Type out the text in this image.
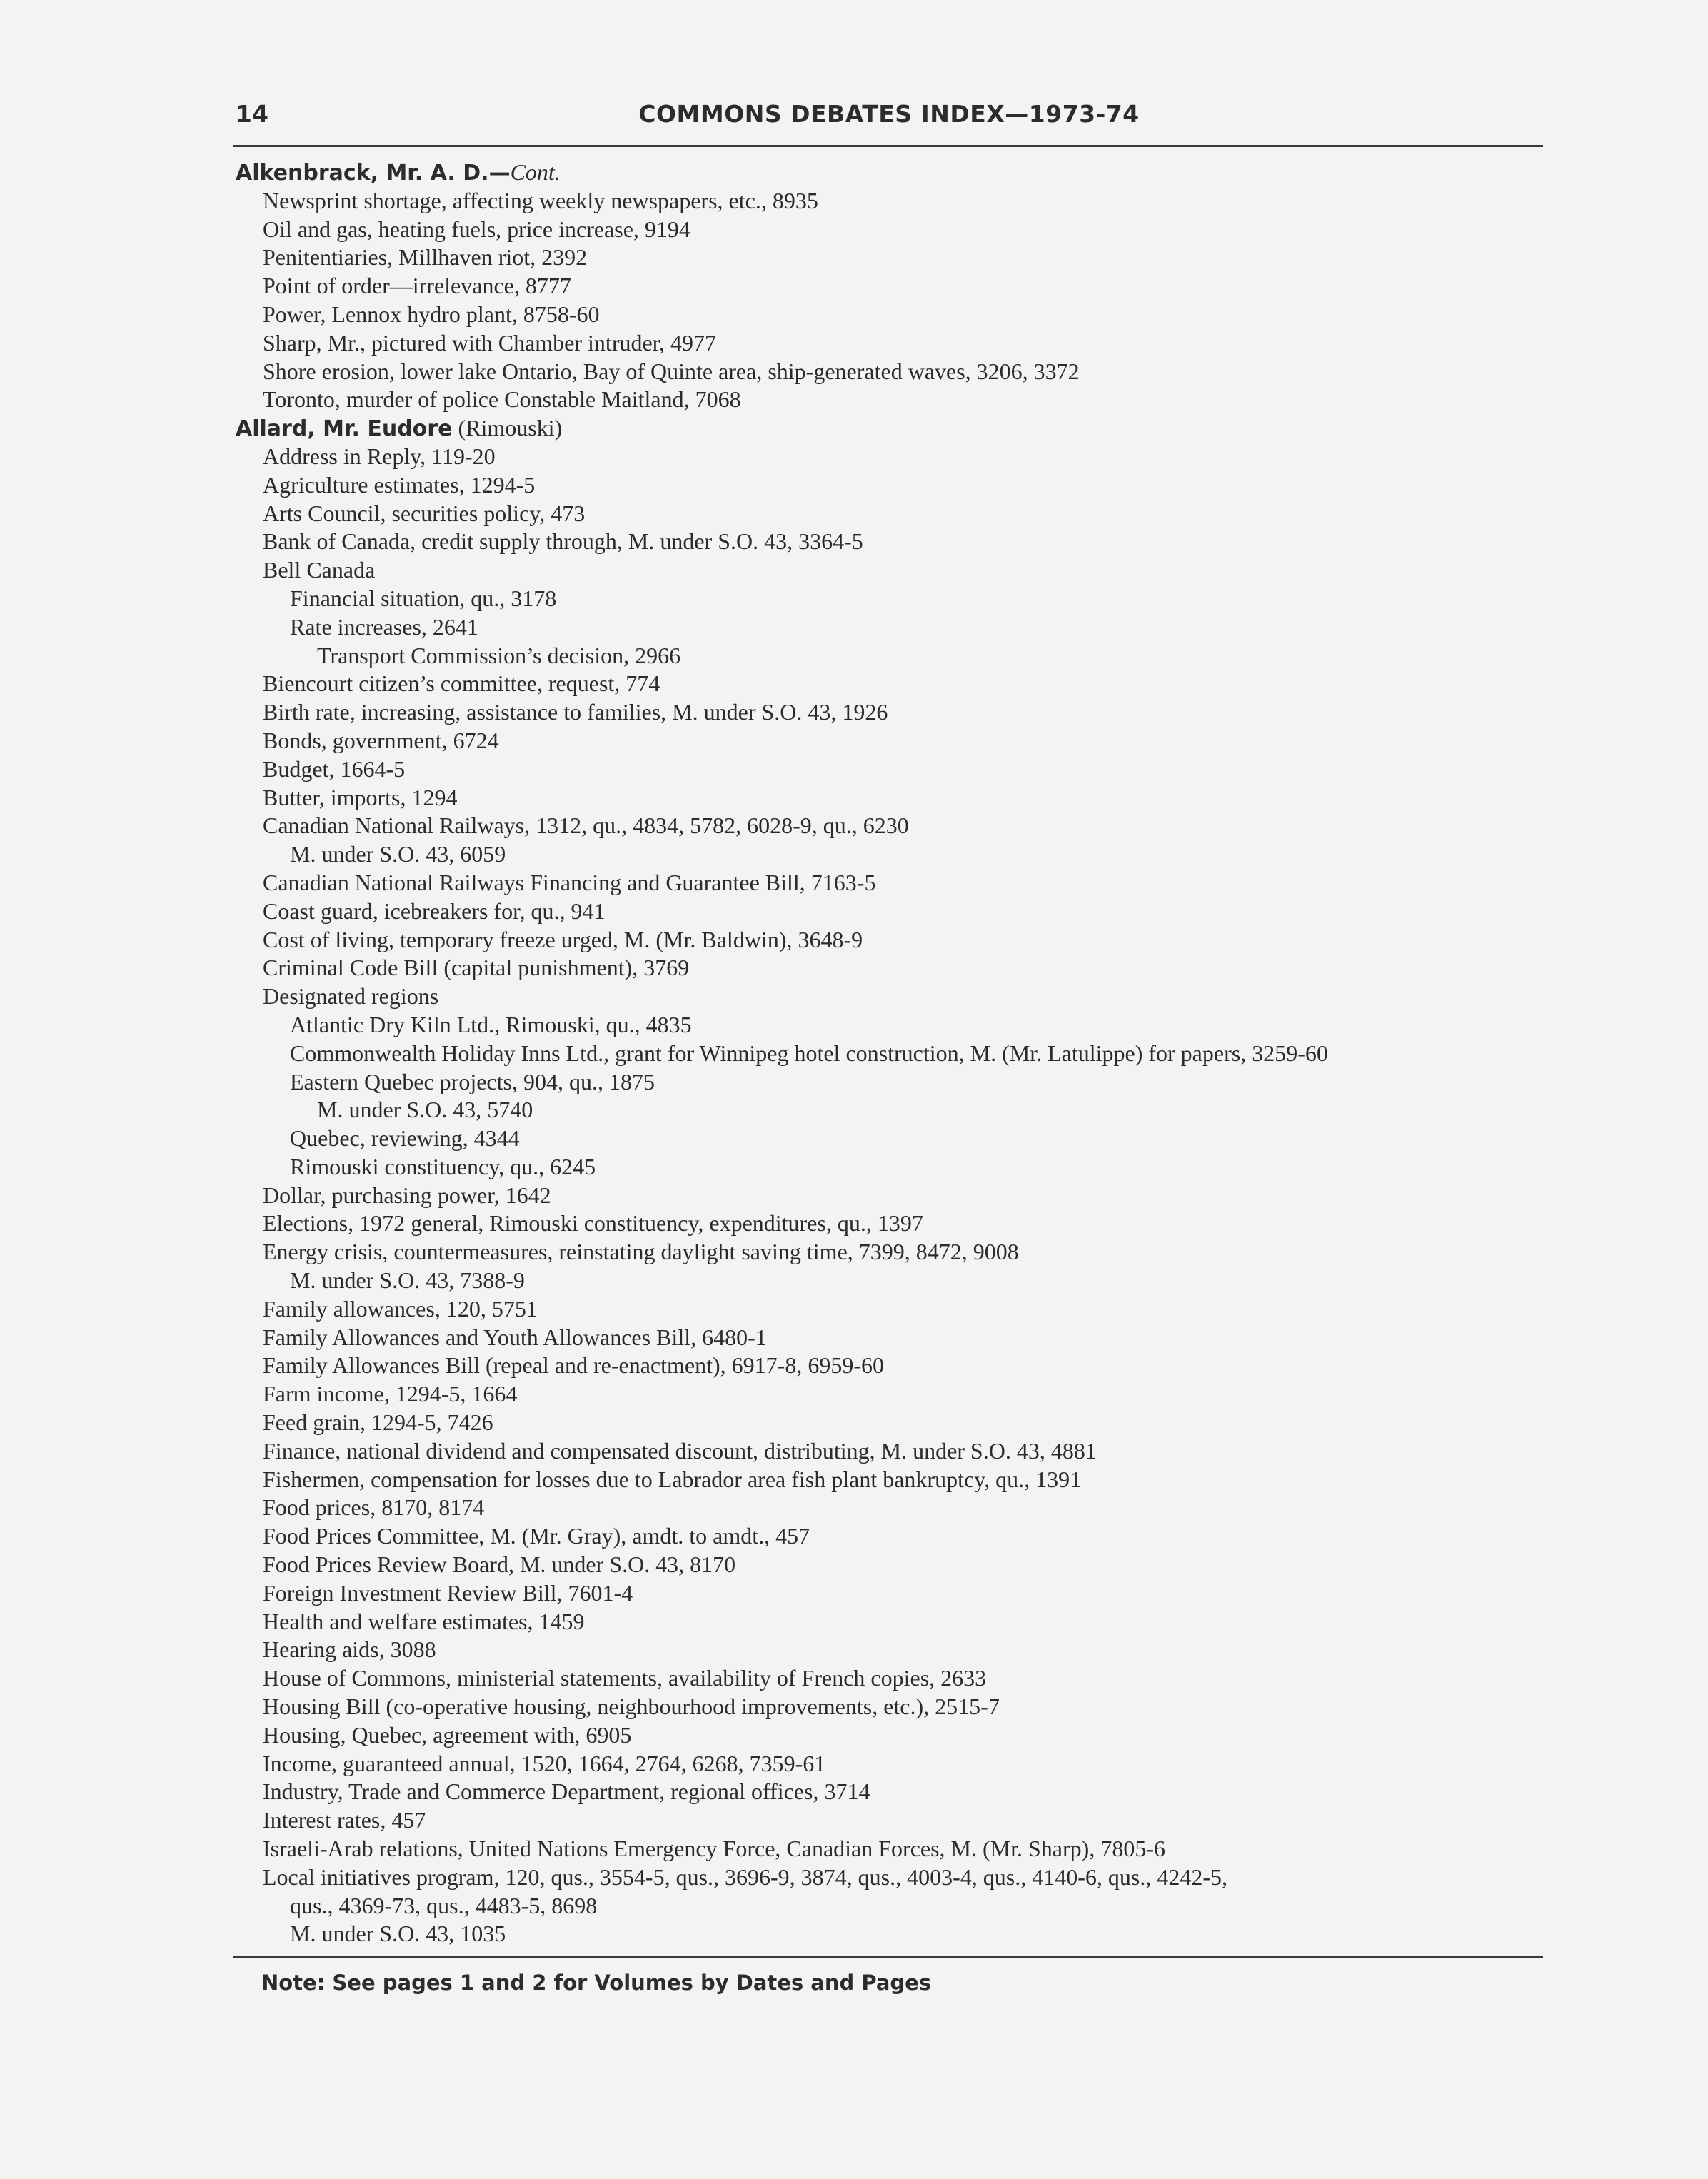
14	COMMONS DEBATES INDEX—1973-74
Alkenbrack, Mr. A. D.—Cont.
Newsprint shortage, affecting weekly newspapers, etc., 8935
Oil and gas, heating fuels, price increase, 9194
Penitentiaries, Millhaven riot, 2392
Point of order—irrelevance, 8777
Power, Lennox hydro plant, 8758-60
Sharp, Mr., pictured with Chamber intruder, 4977
Shore erosion, lower lake Ontario, Bay of Quinte area, ship-generated waves, 3206, 3372
Toronto, murder of police Constable Maitland, 7068
Allard, Mr. Eudore (Rimouski)
Address in Reply, 119-20
Agriculture estimates, 1294-5
Arts Council, securities policy, 473
Bank of Canada, credit supply through, M. under S.O. 43, 3364-5
Bell Canada
Financial situation, qu., 3178
Rate increases, 2641
Transport Commission’s decision, 2966
Biencourt citizen’s committee, request, 774
Birth rate, increasing, assistance to families, M. under S.O. 43, 1926
Bonds, government, 6724
Budget, 1664-5
Butter, imports, 1294
Canadian National Railways, 1312, qu., 4834, 5782, 6028-9, qu., 6230
M. under S.O. 43, 6059
Canadian National Railways Financing and Guarantee Bill, 7163-5
Coast guard, icebreakers for, qu., 941
Cost of living, temporary freeze urged, M. (Mr. Baldwin), 3648-9
Criminal Code Bill (capital punishment), 3769
Designated regions
Atlantic Dry Kiln Ltd., Rimouski, qu., 4835
Commonwealth Holiday Inns Ltd., grant for Winnipeg hotel construction, M. (Mr. Latulippe) for papers, 3259-60
Eastern Quebec projects, 904, qu., 1875
M. under S.O. 43, 5740
Quebec, reviewing, 4344
Rimouski constituency, qu., 6245
Dollar, purchasing power, 1642
Elections, 1972 general, Rimouski constituency, expenditures, qu., 1397
Energy crisis, countermeasures, reinstating daylight saving time, 7399, 8472, 9008
M. under S.O. 43, 7388-9
Family allowances, 120, 5751
Family Allowances and Youth Allowances Bill, 6480-1
Family Allowances Bill (repeal and re-enactment), 6917-8, 6959-60
Farm income, 1294-5, 1664
Feed grain, 1294-5, 7426
Finance, national dividend and compensated discount, distributing, M. under S.O. 43, 4881
Fishermen, compensation for losses due to Labrador area fish plant bankruptcy, qu., 1391
Food prices, 8170, 8174
Food Prices Committee, M. (Mr. Gray), amdt. to amdt., 457
Food Prices Review Board, M. under S.O. 43, 8170
Foreign Investment Review Bill, 7601-4
Health and welfare estimates, 1459
Hearing aids, 3088
House of Commons, ministerial statements, availability of French copies, 2633
Housing Bill (co-operative housing, neighbourhood improvements, etc.), 2515-7
Housing, Quebec, agreement with, 6905
Income, guaranteed annual, 1520, 1664, 2764, 6268, 7359-61
Industry, Trade and Commerce Department, regional offices, 3714
Interest rates, 457
Israeli-Arab relations, United Nations Emergency Force, Canadian Forces, M. (Mr. Sharp), 7805-6
Local initiatives program, 120, qus., 3554-5, qus., 3696-9, 3874, qus., 4003-4, qus., 4140-6, qus., 4242-5,
qus., 4369-73, qus., 4483-5, 8698
M. under S.O. 43, 1035
Note: See pages 1 and 2 for Volumes by Dates and Pages
